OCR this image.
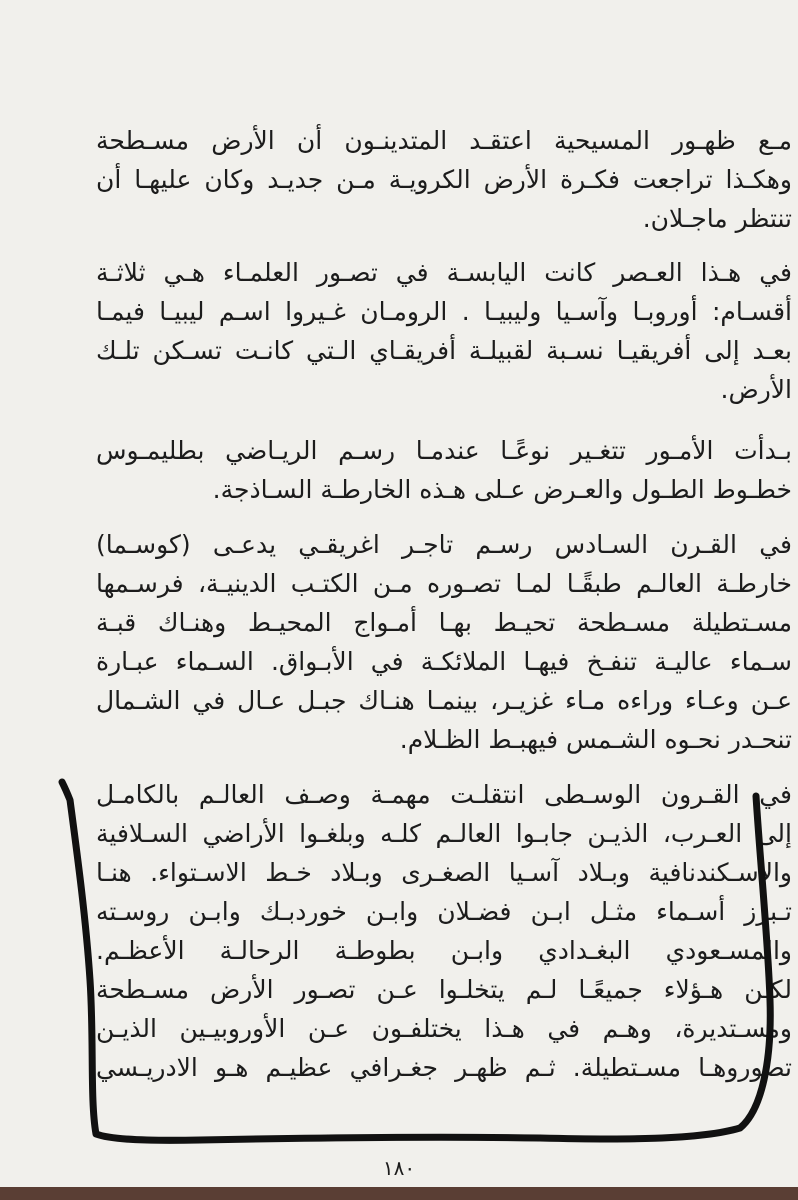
مـع ظهـور المسيحية اعتقـد المتدينـون أن الأرض مسـطحة
وهكـذا تراجعت فكـرة الأرض الكرويـة مـن جديـد وكان عليهـا أن
تنتظر ماجـلان.
في هـذا العـصر كانت اليابسـة في تصـور العلمـاء هـي ثلاثـة
أقسـام: أوروبـا وآسـيا وليبيـا . الرومـان غـيروا اسـم ليبيـا فيمـا
بعـد إلى أفريقيـا نسـبة لقبيلـة أفريقـاي الـتي كانـت تسـكن تلـك
الأرض.
بـدأت الأمـور تتغـير نوعًـا عندمـا رسـم الريـاضي بطليمـوس
خطـوط الطـول والعـرض عـلى هـذه الخارطـة السـاذجة.
في القـرن السـادس رسـم تاجـر اغريقـي يدعـى (كوسـما)
خارطـة العالـم طبقًـا لمـا تصـوره مـن الكتـب الدينيـة، فرسـمها
مسـتطيلة مسـطحة تحيـط بهـا أمـواج المحيـط وهنـاك قبـة
سـماء عاليـة تنفـخ فيهـا الملائكـة في الأبـواق. السـماء عبـارة
عـن وعـاء وراءه مـاء غزيـر، بينمـا هنـاك جبـل عـال في الشـمال
تنحـدر نحـوه الشـمس فيهبـط الظـلام.
في القـرون الوسـطى انتقلـت مهمـة وصـف العالـم بالكامـل
إلى العـرب، الذيـن جابـوا العالـم كلـه وبلغـوا الأراضي السـلافية
والاسـكندنافية وبـلاد آسـيا الصغـرى وبـلاد خـط الاسـتواء. هنـا
تـبرز أسـماء مثـل ابـن فضـلان وابـن خوردبـك وابـن روسـته
والمسـعودي البغـدادي وابـن بطوطـة الرحالـة الأعظـم.
لكـن هـؤلاء جميعًـا لـم يتخلـوا عـن تصـور الأرض مسـطحة
ومسـتديرة، وهـم في هـذا يختلفـون عـن الأوروبيـين الذيـن
تصوروهـا مسـتطيلة. ثـم ظهـر جغـرافي عظيـم هـو الادريـسي
١٨٠
